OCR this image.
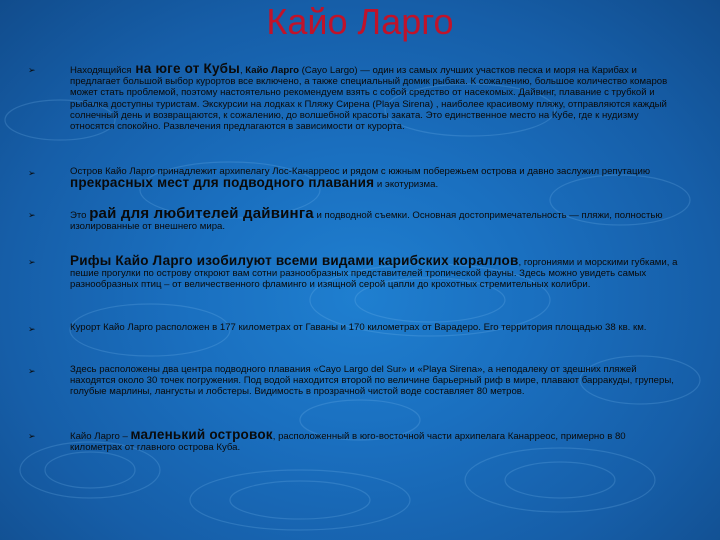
Кайо Ларго
➢	Находящийся на юге от Кубы, Кайо Ларго (Cayo Largo) — один из самых лучших участков песка и моря на Карибах и предлагает большой выбор курортов все включено, а также специальный домик рыбака. К сожалению, большое количество комаров может стать проблемой, поэтому настоятельно рекомендуем взять с собой средство от насекомых. Дайвинг, плавание с трубкой и рыбалка доступны туристам. Экскурсии на лодках к Пляжу Сирена (Playa Sirena) , наиболее красивому пляжу, отправляются каждый солнечный день и возвращаются, к сожалению, до волшебной красоты заката. Это единственное место на Кубе, где к нудизму относятся спокойно. Развлечения предлагаются в зависимости от курорта.
➢	Остров Кайо Ларго принадлежит архипелагу Лос-Канарреос и рядом с южным побережьем острова и давно заслужил репутацию прекрасных мест для подводного плавания и экотуризма.
➢	Это рай для любителей дайвинга и подводной съемки. Основная достопримечательность — пляжи, полностью изолированные от внешнего мира.
➢	Рифы Кайо Ларго изобилуют всеми видами карибских кораллов, горгониями и морскими губками, а пешие прогулки по острову откроют вам сотни разнообразных представителей тропической фауны. Здесь можно увидеть самых разнообразных птиц – от величественного фламинго и изящной серой цапли до крохотных стремительных колибри.
➢	Курорт Кайо Ларго расположен в 177 километрах от Гаваны и 170 километрах от Варадеро. Его территория площадью 38 кв. км.
➢	Здесь расположены два центра подводного плавания «Cayo Largo del Sur» и «Playa Sirena», а неподалеку от здешних пляжей находятся около 30 точек погружения. Под водой находится второй по величине барьерный риф в мире, плавают барракуды, груперы, голубые марлины, лангусты и лобстеры. Видимость в прозрачной чистой воде составляет 80 метров.
➢	Кайо Ларго – маленький островок, расположенный в юго-восточной части архипелага Канарреос, примерно в 80 километрах от главного острова Куба.
